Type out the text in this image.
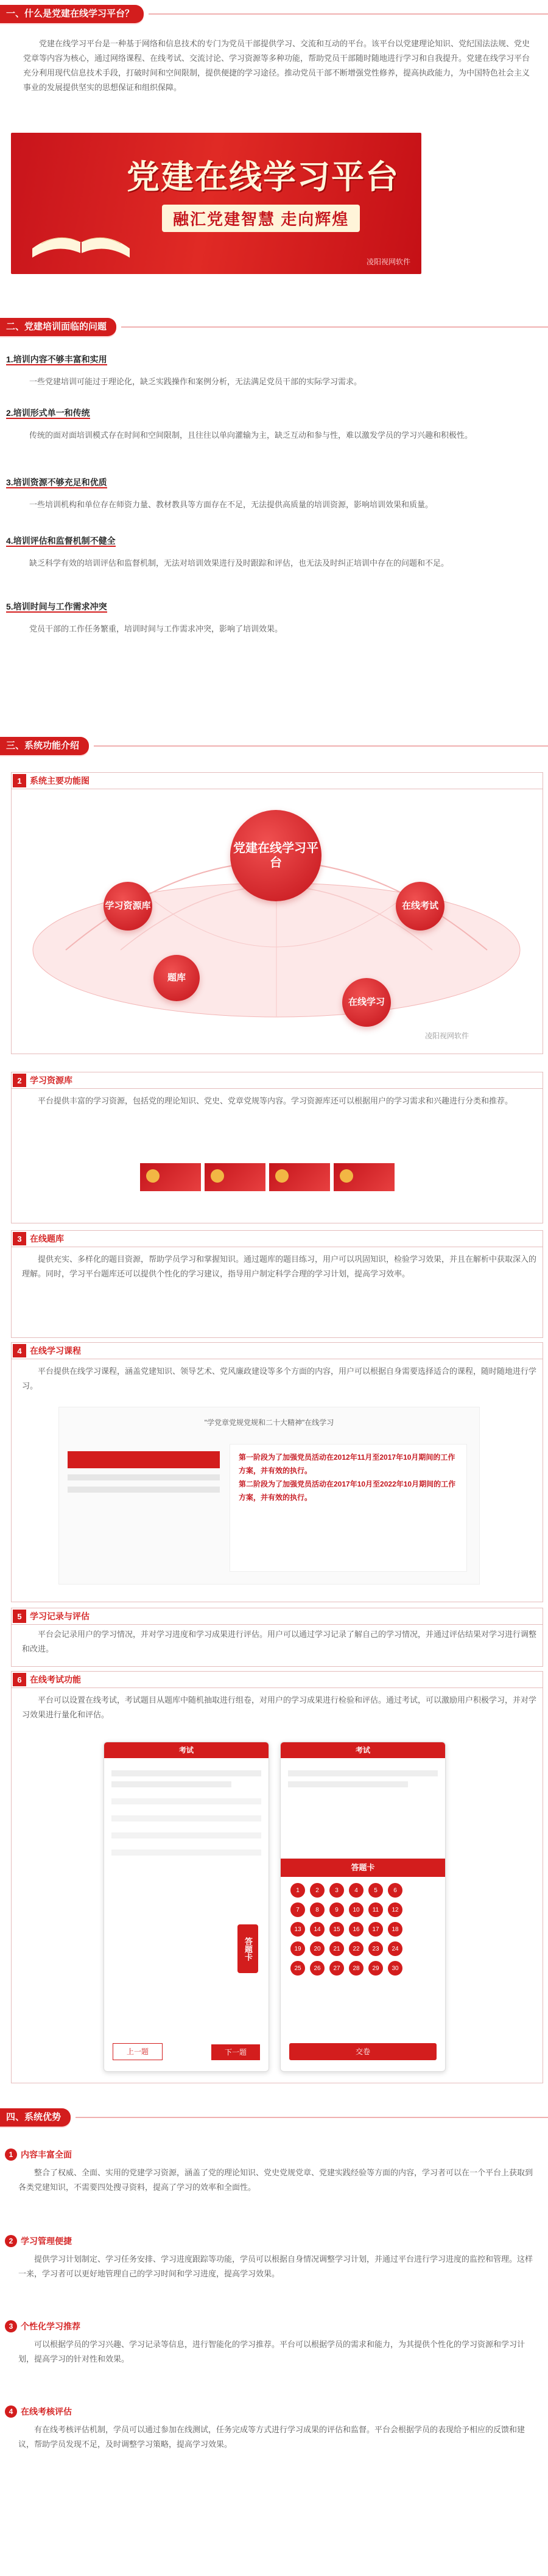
一、什么是党建在线学习平台？
党建在线学习平台是一种基于网络和信息技术的专门为党员干部提供学习、交流和互动的平台。该平台以党建理论知识、党纪国法法规、党史党章等内容为核心，通过网络课程、在线考试、交流讨论、学习资源等多种功能，帮助党员干部随时随地进行学习和自我提升。党建在线学习平台充分利用现代信息技术手段，打破时间和空间限制，提供便捷的学习途径。推动党员干部不断增强党性修养，提高执政能力，为中国特色社会主义事业的发展提供坚实的思想保证和组织保障。
党建在线学习平台
融汇党建智慧 走向辉煌
凌阳视网软件
二、党建培训面临的问题
1.培训内容不够丰富和实用
一些党建培训可能过于理论化，缺乏实践操作和案例分析，无法满足党员干部的实际学习需求。
2.培训形式单一和传统
传统的面对面培训模式存在时间和空间限制，且往往以单向灌输为主，缺乏互动和参与性，难以激发学员的学习兴趣和积极性。
3.培训资源不够充足和优质
一些培训机构和单位存在师资力量、教材教具等方面存在不足，无法提供高质量的培训资源，影响培训效果和质量。
4.培训评估和监督机制不健全
缺乏科学有效的培训评估和监督机制，无法对培训效果进行及时跟踪和评估，也无法及时纠正培训中存在的问题和不足。
5.培训时间与工作需求冲突
党员干部的工作任务繁重，培训时间与工作需求冲突，影响了培训效果。
三、系统功能介绍
1 系统主要功能图
凌阳视网软件
党建在线学习平台
学习资源库	在线考试
题库
在线学习
2 学习资源库
平台提供丰富的学习资源，包括党的理论知识、党史、党章党规等内容。学习资源库还可以根据用户的学习需求和兴趣进行分类和推荐。
3 在线题库
提供充实、多样化的题目资源，帮助学员学习和掌握知识。通过题库的题目练习，用户可以巩固知识，检验学习效果，并且在解析中获取深入的理解。同时，学习平台题库还可以提供个性化的学习建议，指导用户制定科学合理的学习计划，提高学习效率。
4 在线学习课程
平台提供在线学习课程，涵盖党建知识、领导艺术、党风廉政建设等多个方面的内容，用户可以根据自身需要选择适合的课程，随时随地进行学习。
"学党章党规党规和二十大精神"在线学习
第一阶段为了加强党员活动在2012年11月至2017年10月期间的工作方案，并有效的执行。
第二阶段为了加强党员活动在2017年10月至2022年10月期间的工作方案，并有效的执行。
5 学习记录与评估
平台会记录用户的学习情况，并对学习进度和学习成果进行评估。用户可以通过学习记录了解自己的学习情况，并通过评估结果对学习进行调整和改进。
6 在线考试功能
平台可以设置在线考试，考试题目从题库中随机抽取进行组卷，对用户的学习成果进行检验和评估。通过考试，可以激励用户积极学习，并对学习效果进行量化和评估。
考试
上一题	下一题
答题卡
考试
答题卡
1	2	3	4	5	6
7	8	9	10	11	12
13	14	15	16	17	18
19	20	21	22	23	24
25	26	27	28	29	30
交卷
四、系统优势
1 内容丰富全面
整合了权威、全面、实用的党建学习资源，涵盖了党的理论知识、党史党规党章、党建实践经验等方面的内容，学习者可以在一个平台上获取到各类党建知识，不需要四处搜寻资料，提高了学习的效率和全面性。
2 学习管理便捷
提供学习计划制定、学习任务安排、学习进度跟踪等功能，学员可以根据自身情况调整学习计划，并通过平台进行学习进度的监控和管理。这样一来，学习者可以更好地管理自己的学习时间和学习进度，提高学习效果。
3 个性化学习推荐
可以根据学员的学习兴趣、学习记录等信息，进行智能化的学习推荐。平台可以根据学员的需求和能力，为其提供个性化的学习资源和学习计划，提高学习的针对性和效果。
4 在线考核评估
有在线考核评估机制，学员可以通过参加在线测试，任务完成等方式进行学习成果的评估和监督。平台会根据学员的表现给予相应的反馈和建议，帮助学员发现不足，及时调整学习策略，提高学习效果。
